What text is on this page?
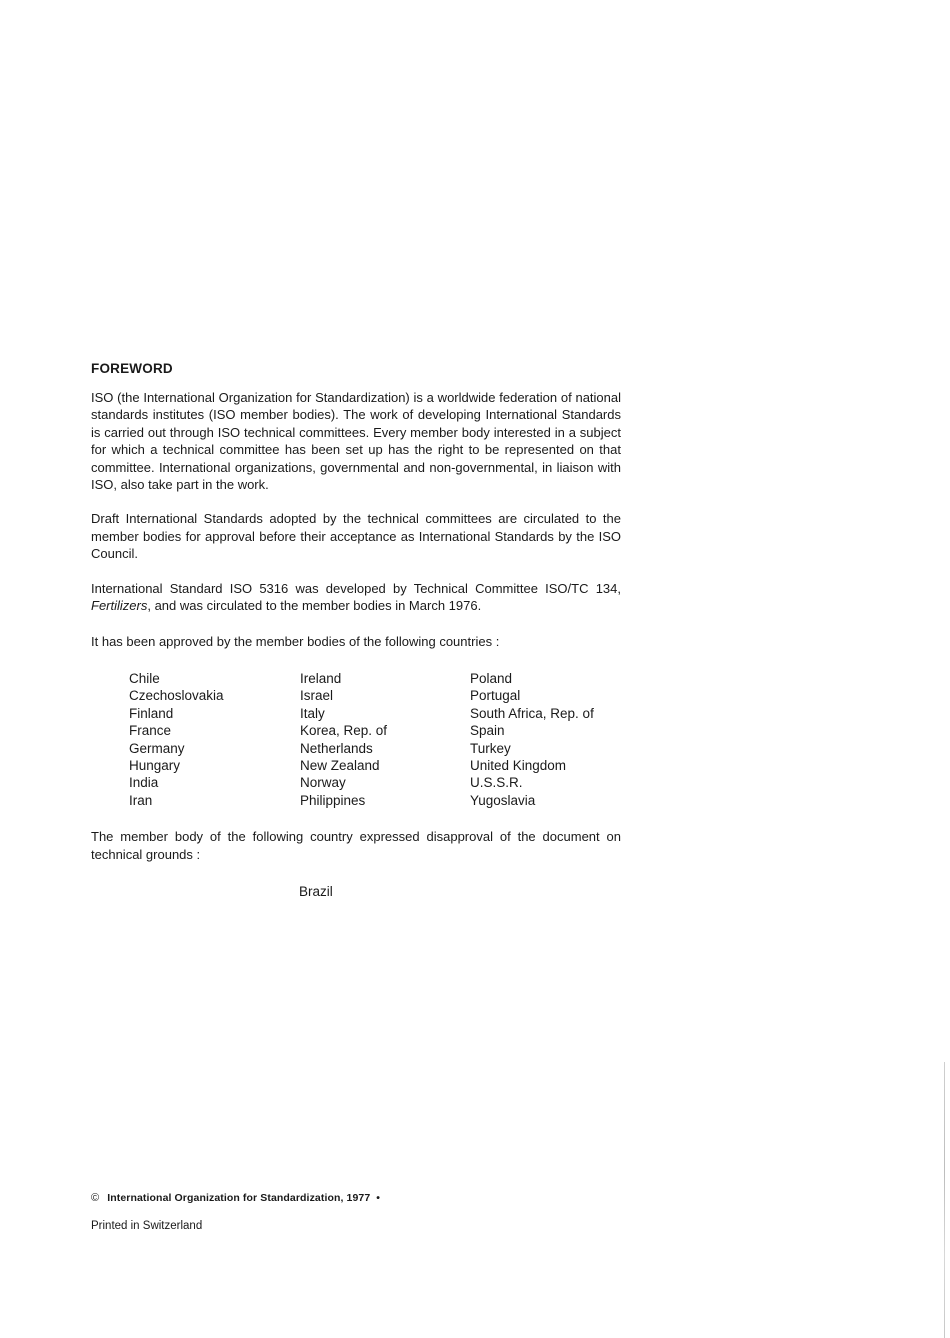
FOREWORD

ISO (the International Organization for Standardization) is a worldwide federation of national standards institutes (ISO member bodies). The work of developing International Standards is carried out through ISO technical committees. Every member body interested in a subject for which a technical committee has been set up has the right to be represented on that committee. International organizations, governmental and non-governmental, in liaison with ISO, also take part in the work.

Draft International Standards adopted by the technical committees are circulated to the member bodies for approval before their acceptance as International Standards by the ISO Council.

International Standard ISO 5316 was developed by Technical Committee ISO/TC 134, Fertilizers, and was circulated to the member bodies in March 1976.

It has been approved by the member bodies of the following countries :

Chile
Czechoslovakia
Finland
France
Germany
Hungary
India
Iran
Ireland
Israel
Italy
Korea, Rep. of
Netherlands
New Zealand
Norway
Philippines
Poland
Portugal
South Africa, Rep. of
Spain
Turkey
United Kingdom
U.S.S.R.
Yugoslavia

The member body of the following country expressed disapproval of the document on technical grounds :

Brazil
© International Organization for Standardization, 1977 •
Printed in Switzerland
